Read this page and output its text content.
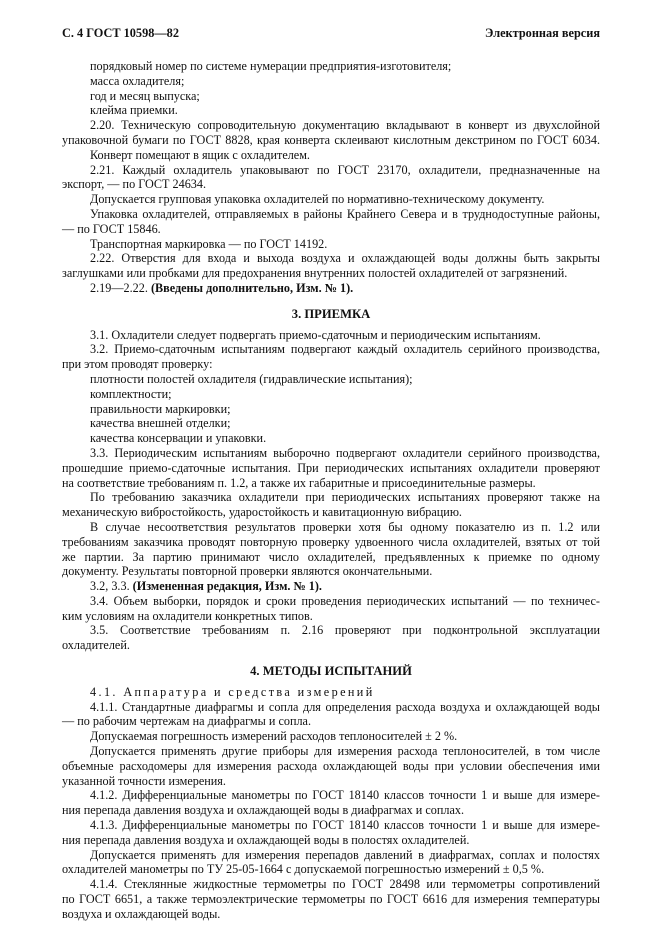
С. 4 ГОСТ 10598—82	Электронная версия

порядковый номер по системе нумерации предприятия-изготовителя;

масса охладителя;

год и месяц выпуска;

клейма приемки.

2.20. Техническую сопроводительную документацию вкладывают в конверт из двухслойной

упаковочной бумаги по ГОСТ 8828, края конверта склеивают кислотным декстрином по ГОСТ 6034.

Конверт помещают в ящик с охладителем.

2.21. Каждый охладитель упаковывают по ГОСТ 23170, охладители, предназначенные на

экспорт, — по ГОСТ 24634.

Допускается групповая упаковка охладителей по нормативно-техническому документу.

Упаковка охладителей, отправляемых в районы Крайнего Севера и в труднодоступные районы,

— по ГОСТ 15846.

Транспортная маркировка — по ГОСТ 14192.

2.22. Отверстия для входа и выхода воздуха и охлаждающей воды должны быть закрыты

заглушками или пробками для предохранения внутренних полостей охладителей от загрязнений.

2.19—2.22. (Введены дополнительно, Изм. № 1).

3. ПРИЕМКА

3.1. Охладители следует подвергать приемо-сдаточным и периодическим испытаниям.

3.2. Приемо-сдаточным испытаниям подвергают каждый охладитель серийного производства,

при этом проводят проверку:

плотности полостей охладителя (гидравлические испытания);

комплектности;

правильности маркировки;

качества внешней отделки;

качества консервации и упаковки.

3.3. Периодическим испытаниям выборочно подвергают охладители серийного производства,

прошедшие приемо-сдаточные испытания. При периодических испытаниях охладители проверяют

на соответствие требованиям п. 1.2, а также их габаритные и присоединительные размеры.

По требованию заказчика охладители при периодических испытаниях проверяют также на

механическую вибростойкость, ударостойкость и кавитационную вибрацию.

В случае несоответствия результатов проверки хотя бы одному показателю из п. 1.2 или

требованиям заказчика проводят повторную проверку удвоенного числа охладителей, взятых от той

же партии. За партию принимают число охладителей, предъявленных к приемке по одному

документу. Результаты повторной проверки являются окончательными.

3.2, 3.3. (Измененная редакция, Изм. № 1).

3.4. Объем выборки, порядок и сроки проведения периодических испытаний — по техничес-

ким условиям на охладители конкретных типов.

3.5. Соответствие требованиям п. 2.16 проверяют при подконтрольной эксплуатации охладителей.

4. МЕТОДЫ ИСПЫТАНИЙ

4.1. Аппаратура и средства измерений

4.1.1. Стандартные диафрагмы и сопла для определения расхода воздуха и охлаждающей воды

— по рабочим чертежам на диафрагмы и сопла.

Допускаемая погрешность измерений расходов теплоносителей ± 2 %.

Допускается применять другие приборы для измерения расхода теплоносителей, в том числе

объемные расходомеры для измерения расхода охлаждающей воды при условии обеспечения ими

указанной точности измерения.

4.1.2. Дифференциальные манометры по ГОСТ 18140 классов точности 1 и выше для измере-

ния перепада давления воздуха и охлаждающей воды в диафрагмах и соплах.

4.1.3. Дифференциальные манометры по ГОСТ 18140 классов точности 1 и выше для измере-

ния перепада давления воздуха и охлаждающей воды в полостях охладителей.

Допускается применять для измерения перепадов давлений в диафрагмах, соплах и полостях

охладителей манометры по ТУ 25-05-1664 с допускаемой погрешностью измерений ± 0,5 %.

4.1.4. Стеклянные жидкостные термометры по ГОСТ 28498 или термометры сопротивлений

по ГОСТ 6651, а также термоэлектрические термометры по ГОСТ 6616 для измерения температуры

воздуха и охлаждающей воды.
